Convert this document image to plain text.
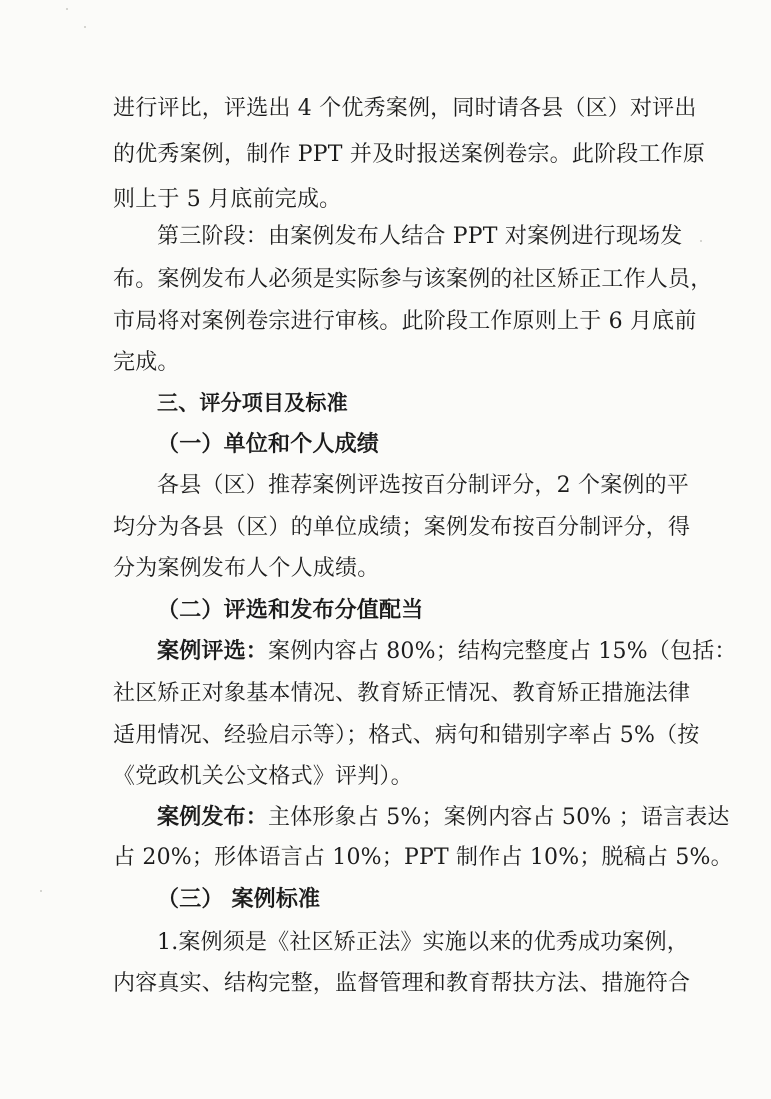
进行评比，评选出 4 个优秀案例，同时请各县（区）对评出
的优秀案例，制作 PPT 并及时报送案例卷宗。此阶段工作原
则上于 5 月底前完成。
第三阶段：由案例发布人结合 PPT 对案例进行现场发
布。案例发布人必须是实际参与该案例的社区矫正工作人员，
市局将对案例卷宗进行审核。此阶段工作原则上于 6 月底前
完成。
三、评分项目及标准
（一）单位和个人成绩
各县（区）推荐案例评选按百分制评分，2 个案例的平
均分为各县（区）的单位成绩；案例发布按百分制评分，得
分为案例发布人个人成绩。
（二）评选和发布分值配当
案例评选：案例内容占 80%；结构完整度占 15%（包括：
社区矫正对象基本情况、教育矫正情况、教育矫正措施法律
适用情况、经验启示等）；格式、病句和错别字率占 5%（按
《党政机关公文格式》评判）。
案例发布：主体形象占 5%；案例内容占 50% ；语言表达
占 20%；形体语言占 10%；PPT 制作占 10%；脱稿占 5%。
（三） 案例标准
1.案例须是《社区矫正法》实施以来的优秀成功案例，
内容真实、结构完整，监督管理和教育帮扶方法、措施符合
